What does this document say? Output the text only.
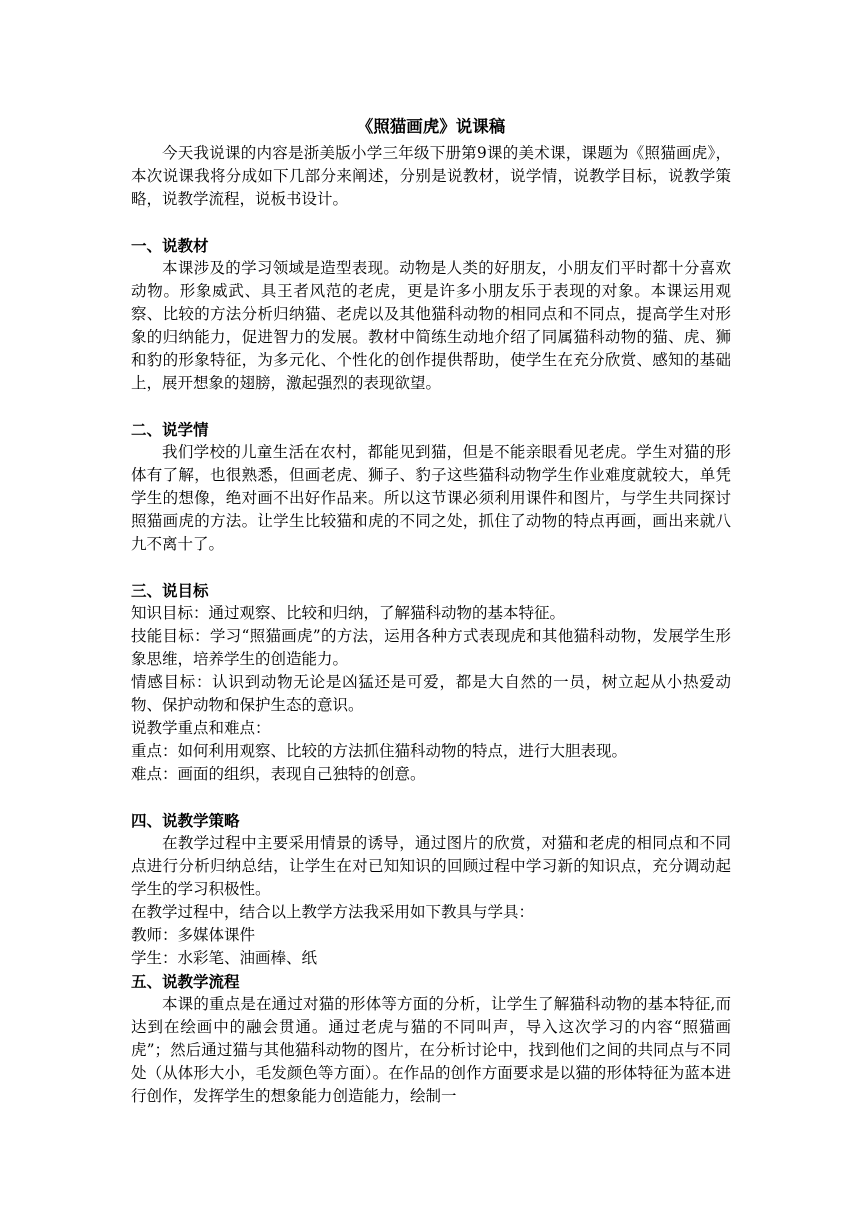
《照猫画虎》说课稿

今天我说课的内容是浙美版小学三年级下册第9课的美术课，课题为《照猫画虎》，本次说课我将分成如下几部分来阐述，分别是说教材，说学情，说教学目标，说教学策略，说教学流程，说板书设计。

一、说教材

本课涉及的学习领域是造型表现。动物是人类的好朋友，小朋友们平时都十分喜欢动物。形象威武、具王者风范的老虎，更是许多小朋友乐于表现的对象。本课运用观察、比较的方法分析归纳猫、老虎以及其他猫科动物的相同点和不同点，提高学生对形象的归纳能力，促进智力的发展。教材中简练生动地介绍了同属猫科动物的猫、虎、狮和豹的形象特征，为多元化、个性化的创作提供帮助，使学生在充分欣赏、感知的基础上，展开想象的翅膀，激起强烈的表现欲望。

二、说学情

我们学校的儿童生活在农村，都能见到猫，但是不能亲眼看见老虎。学生对猫的形体有了解，也很熟悉，但画老虎、狮子、豹子这些猫科动物学生作业难度就较大，单凭学生的想像，绝对画不出好作品来。所以这节课必须利用课件和图片，与学生共同探讨照猫画虎的方法。让学生比较猫和虎的不同之处，抓住了动物的特点再画，画出来就八九不离十了。

三、说目标

知识目标：通过观察、比较和归纳，了解猫科动物的基本特征。

技能目标：学习“照猫画虎”的方法，运用各种方式表现虎和其他猫科动物，发展学生形象思维，培养学生的创造能力。

情感目标：认识到动物无论是凶猛还是可爱，都是大自然的一员，树立起从小热爱动物、保护动物和保护生态的意识。

说教学重点和难点：

重点：如何利用观察、比较的方法抓住猫科动物的特点，进行大胆表现。

难点：画面的组织，表现自己独特的创意。

四、说教学策略

在教学过程中主要采用情景的诱导，通过图片的欣赏，对猫和老虎的相同点和不同点进行分析归纳总结，让学生在对已知知识的回顾过程中学习新的知识点，充分调动起学生的学习积极性。

在教学过程中，结合以上教学方法我采用如下教具与学具：

教师：多媒体课件

学生：水彩笔、油画棒、纸

五、说教学流程

本课的重点是在通过对猫的形体等方面的分析，让学生了解猫科动物的基本特征,而达到在绘画中的融会贯通。通过老虎与猫的不同叫声，导入这次学习的内容“照猫画虎”；然后通过猫与其他猫科动物的图片，在分析讨论中，找到他们之间的共同点与不同处（从体形大小，毛发颜色等方面）。在作品的创作方面要求是以猫的形体特征为蓝本进行创作，发挥学生的想象能力创造能力，绘制一
